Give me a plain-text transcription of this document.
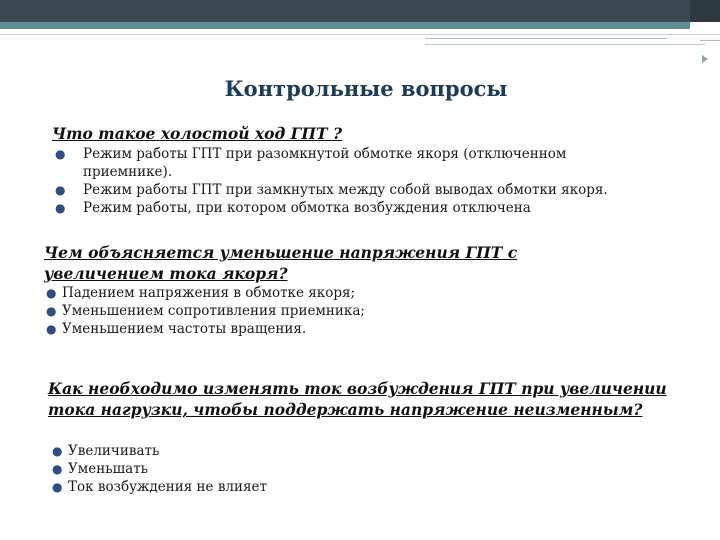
Контрольные вопросы
Что такое холостой ход ГПТ ?
●	Режим работы ГПТ при разомкнутой обмотке якоря (отключенном приемнике).
●	Режим работы ГПТ при замкнутых между собой выводах обмотки якоря.
●	Режим работы, при котором обмотка возбуждения отключена
Чем объясняется уменьшение напряжения ГПТ с увеличением тока якоря?
● Падением напряжения в обмотке якоря;
● Уменьшением сопротивления приемника;
● Уменьшением частоты вращения.
Как необходимо изменять ток возбуждения ГПТ при увеличении тока нагрузки, чтобы поддержать напряжение неизменным?
● Увеличивать
● Уменьшать
● Ток возбуждения не влияет
